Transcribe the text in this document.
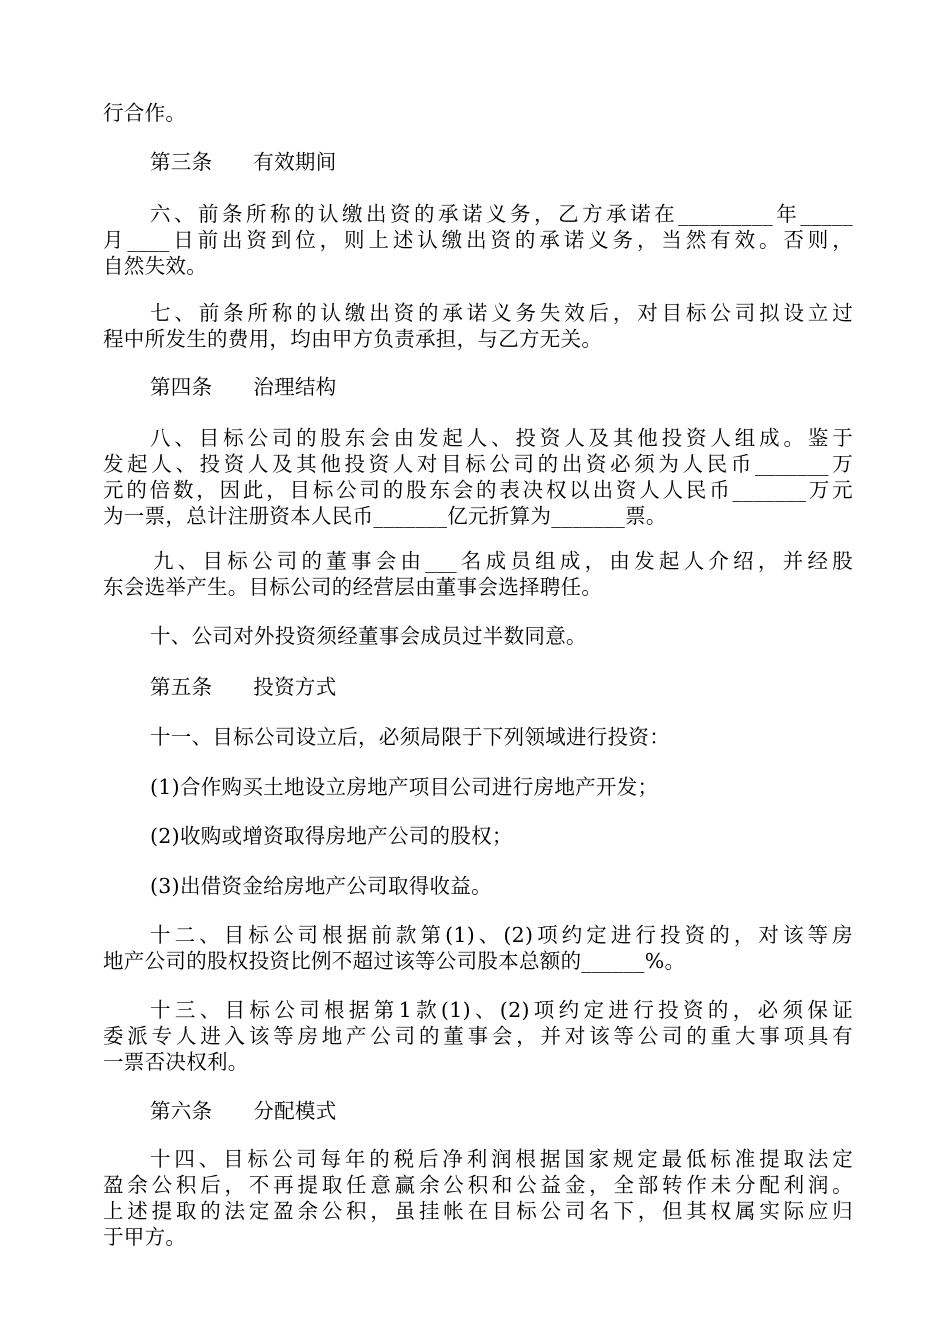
行合作。
第三条      有效期间
六、前条所称的认缴出资的承诺义务，乙方承诺在_________年_____
月____日前出资到位，则上述认缴出资的承诺义务，当然有效。否则，
自然失效。
七、前条所称的认缴出资的承诺义务失效后，对目标公司拟设立过
程中所发生的费用，均由甲方负责承担，与乙方无关。
第四条      治理结构
八、目标公司的股东会由发起人、投资人及其他投资人组成。鉴于
发起人、投资人及其他投资人对目标公司的出资必须为人民币_______万
元的倍数，因此，目标公司的股东会的表决权以出资人人民币_______万元
为一票，总计注册资本人民币_______亿元折算为_______票。
九、目标公司的董事会由___名成员组成，由发起人介绍，并经股
东会选举产生。目标公司的经营层由董事会选择聘任。
十、公司对外投资须经董事会成员过半数同意。
第五条      投资方式
十一、目标公司设立后，必须局限于下列领域进行投资：
(1)合作购买土地设立房地产项目公司进行房地产开发；
(2)收购或增资取得房地产公司的股权；
(3)出借资金给房地产公司取得收益。
十二、目标公司根据前款第(1)、(2)项约定进行投资的，对该等房
地产公司的股权投资比例不超过该等公司股本总额的______%。
十三、目标公司根据第1款(1)、(2)项约定进行投资的，必须保证
委派专人进入该等房地产公司的董事会，并对该等公司的重大事项具有
一票否决权利。
第六条      分配模式
十四、目标公司每年的税后净利润根据国家规定最低标准提取法定
盈余公积后，不再提取任意赢余公积和公益金，全部转作未分配利润。
上述提取的法定盈余公积，虽挂帐在目标公司名下，但其权属实际应归
于甲方。
